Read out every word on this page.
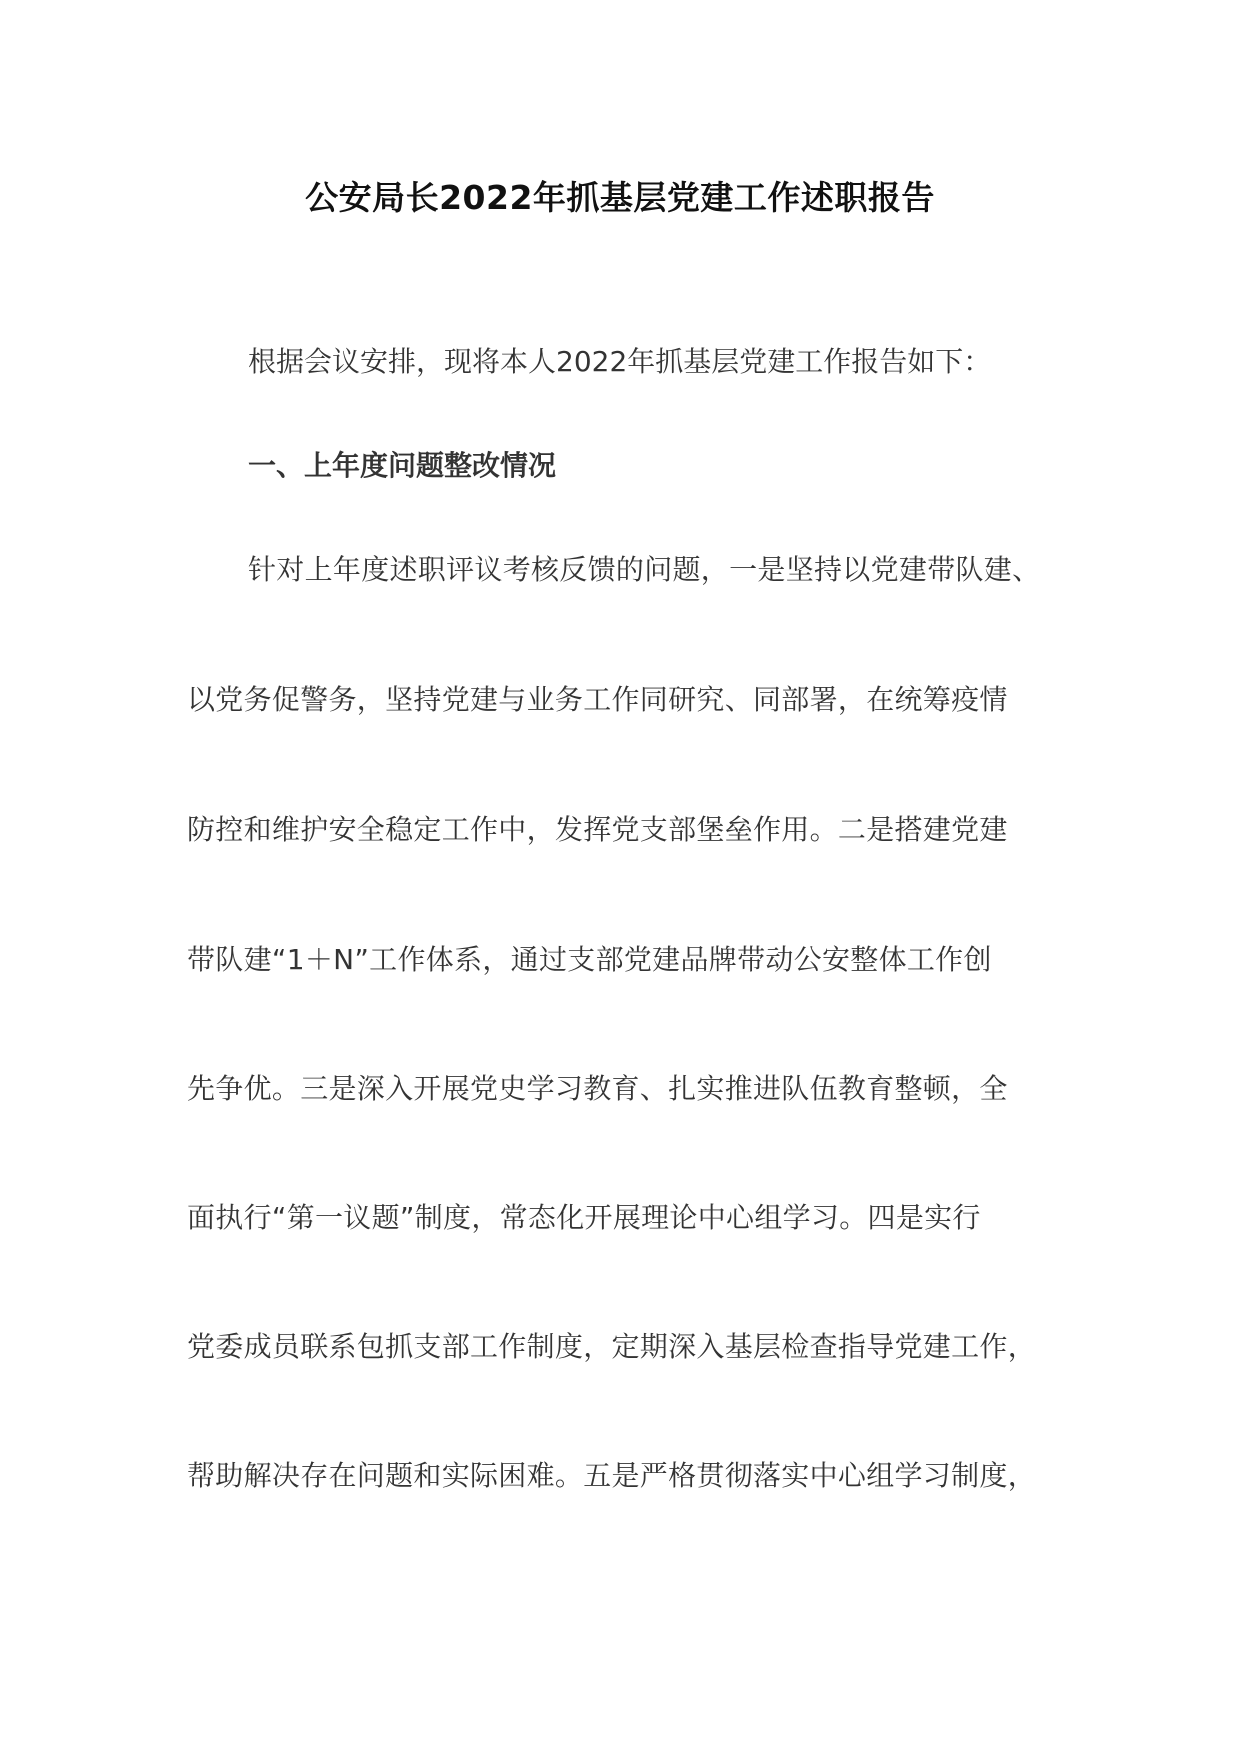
公安局长2022年抓基层党建工作述职报告
根据会议安排，现将本人2022年抓基层党建工作报告如下：
一、上年度问题整改情况
针对上年度述职评议考核反馈的问题，一是坚持以党建带队建、
以党务促警务，坚持党建与业务工作同研究、同部署，在统筹疫情
防控和维护安全稳定工作中，发挥党支部堡垒作用。二是搭建党建
带队建“1＋N”工作体系，通过支部党建品牌带动公安整体工作创
先争优。三是深入开展党史学习教育、扎实推进队伍教育整顿，全
面执行“第一议题”制度，常态化开展理论中心组学习。四是实行
党委成员联系包抓支部工作制度，定期深入基层检查指导党建工作，
帮助解决存在问题和实际困难。五是严格贯彻落实中心组学习制度，
